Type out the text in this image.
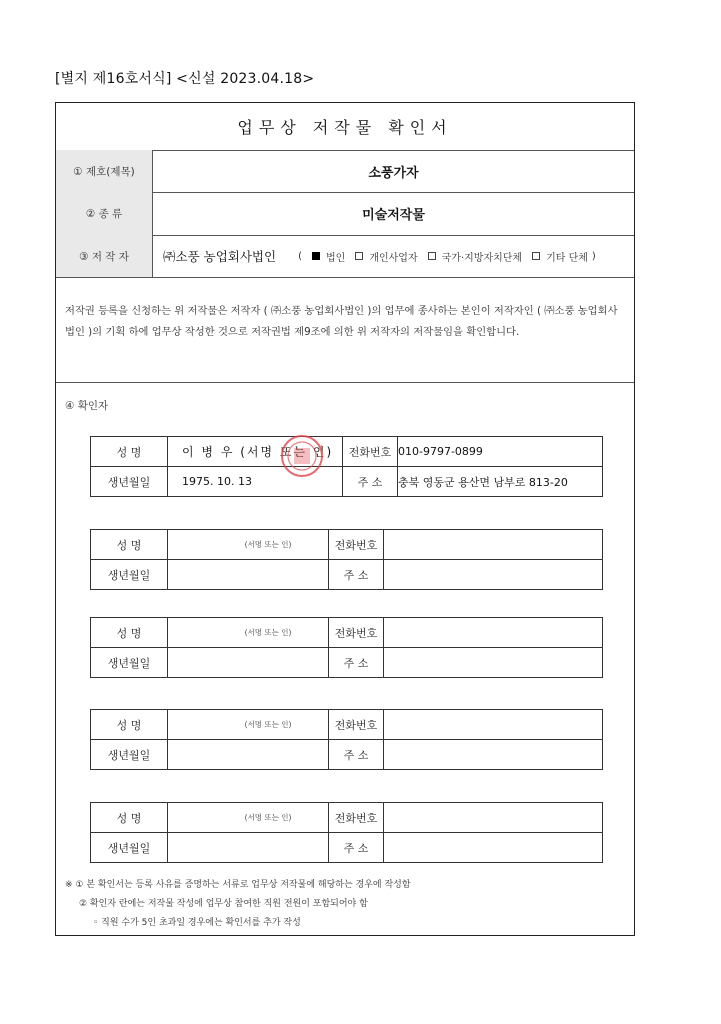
[별지 제16호서식] <신설 2023.04.18>
업무상 저작물 확인서
① 제호(제목)	소풍가자
② 종 류	미술저작물
③ 저 작 자	㈜소풍 농업회사법인 ( 법인 개인사업자 국가·지방자치단체 기타 단체 )
저작권 등록을 신청하는 위 저작물은 저작자 ( ㈜소풍 농업회사법인 )의 업무에 종사하는 본인이 저작자인 ( ㈜소풍 농업회사법인 )의 기획 하에 업무상 작성한 것으로 저작권법 제9조에 의한 위 저작자의 저작물임을 확인합니다.
④ 확인자
성 명	이 병 우 (서명 또는 인)	전화번호	010-9797-0899
생년월일	1975. 10. 13	주 소	충북 영동군 용산면 남부로 813-20
성 명	(서명 또는 인)	전화번호	
생년월일		주 소	
성 명	(서명 또는 인)	전화번호	
생년월일		주 소	
성 명	(서명 또는 인)	전화번호	
생년월일		주 소	
성 명	(서명 또는 인)	전화번호	
생년월일		주 소	
※ ① 본 확인서는 등록 사유를 증명하는 서류로 업무상 저작물에 해당하는 경우에 작성함
② 확인자 란에는 저작물 작성에 업무상 참여한 직원 전원이 포함되어야 함
◦ 직원 수가 5인 초과일 경우에는 확인서를 추가 작성
